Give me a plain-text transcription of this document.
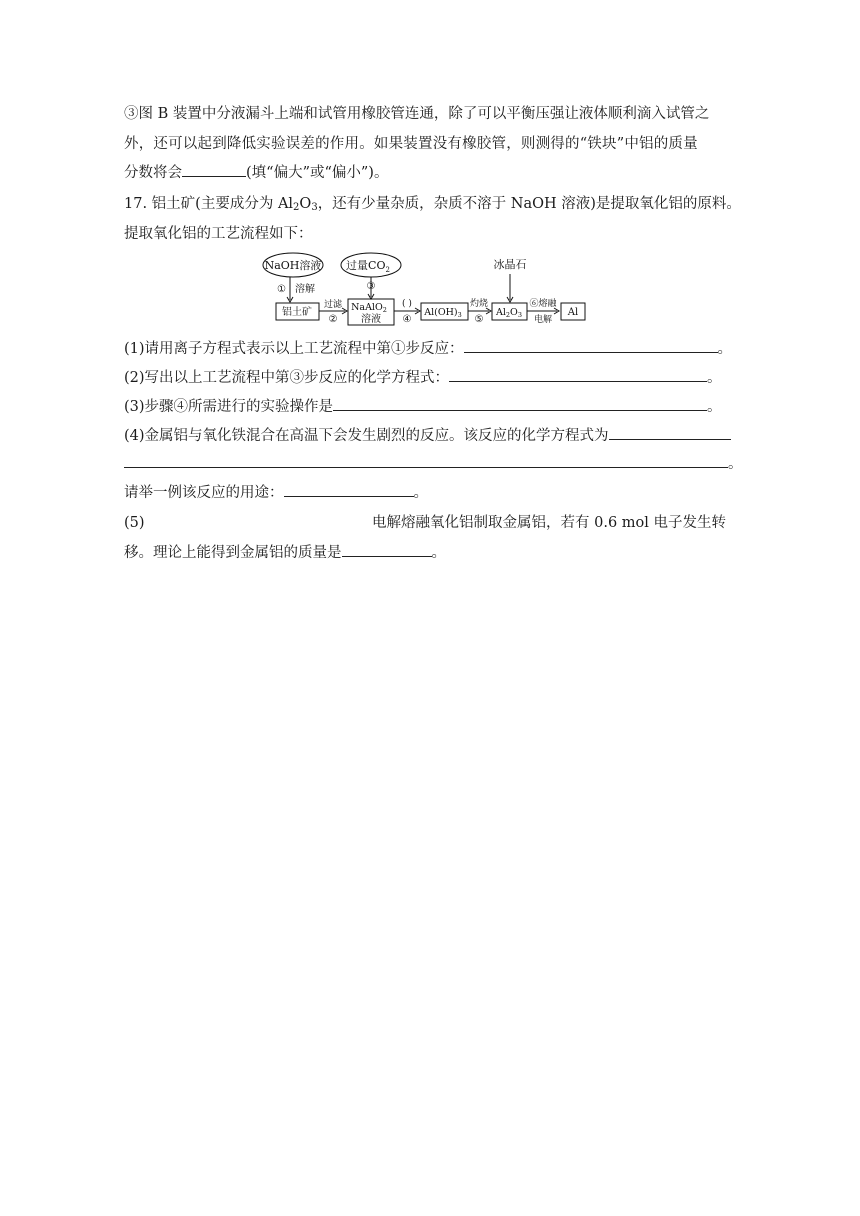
③图 B 装置中分液漏斗上端和试管用橡胶管连通，除了可以平衡压强让液体顺利滴入试管之
外，还可以起到降低实验误差的作用。如果装置没有橡胶管，则测得的“铁块”中铝的质量
分数将会	(填“偏大”或“偏小”)。
17. 铝土矿(主要成分为 $Al_2O_3$，还有少量杂质，杂质不溶于 NaOH 溶液)是提取氧化铝的原料。
提取氧化铝的工艺流程如下：
NaOH溶液 过量$CO_2$
① 溶解	③
铝土矿
过滤
②
NaAlO$_2$
溶液
( )
④
$Al(OH)_3$
灼烧
⑤
冰晶石
$Al_2O_3$
⑥熔融
电解
Al
(1)请用离子方程式表示以上工艺流程中第①步反应：	。
(2)写出以上工艺流程中第③步反应的化学方程式：	。
(3)步骤④所需进行的实验操作是	。
(4)金属铝与氧化铁混合在高温下会发生剧烈的反应。该反应的化学方程式为
。
请举一例该反应的用途：	。
(5)	电解熔融氧化铝制取金属铝，若有 0.6 mol 电子发生转
移。理论上能得到金属铝的质量是	。
